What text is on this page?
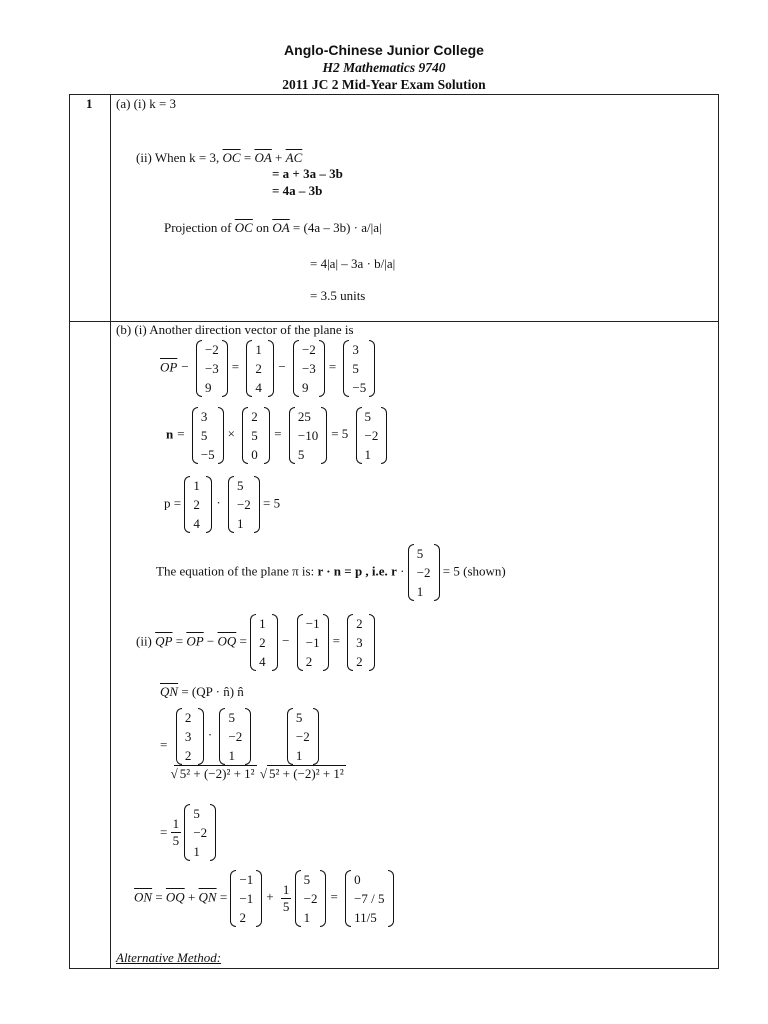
Anglo-Chinese Junior College
H2 Mathematics 9740
2011 JC 2 Mid-Year Exam Solution
1 (a) (i) k = 3
(ii) When k = 3, $\overline{OC} = \overline{OA} + \overline{AC}$
= a + 3a – 3b
= 4a – 3b
Projection of $\overline{OC}$ on $\overline{OA} = (4a - 3b) \cdot a/|a|$
= 4|a| – 3a · b/|a|
= 3.5 units
(b) (i) Another direction vector of the plane is
$\overline{OP}$ −
−2
−3
9
=
1
2
4
−
−2
−3
9
=
3
5
−5
n =
3
5
−5
×
2
5
0
=
25
−10
5
= 5
5
−2
1
p =
1
2
4
·
5
−2
1
= 5
The equation of the plane π is: r · n = p , i.e. r ·
5
−2
1
= 5 (shown)
(ii) $\overline{QP} = \overline{OP} - \overline{OQ}$ =
1
2
4
−
−1
−1
2
=
2
3
2
$\overline{QN} = (QP$ · n̂) n̂
= 2
3
2
·
5
−2
1
√ 5² + (−2)² + 1²
5
−2
1
√ 5² + (−2)² + 1²
= $\frac{1}{5}$

5
−2
1
$\overline{ON} = \overline{OQ} + \overline{QN}$ =
−1
−1
2
+ $\frac{1}{5}$

5
−2
1
=
0
−7 / 5
11/5
Alternative Method:
